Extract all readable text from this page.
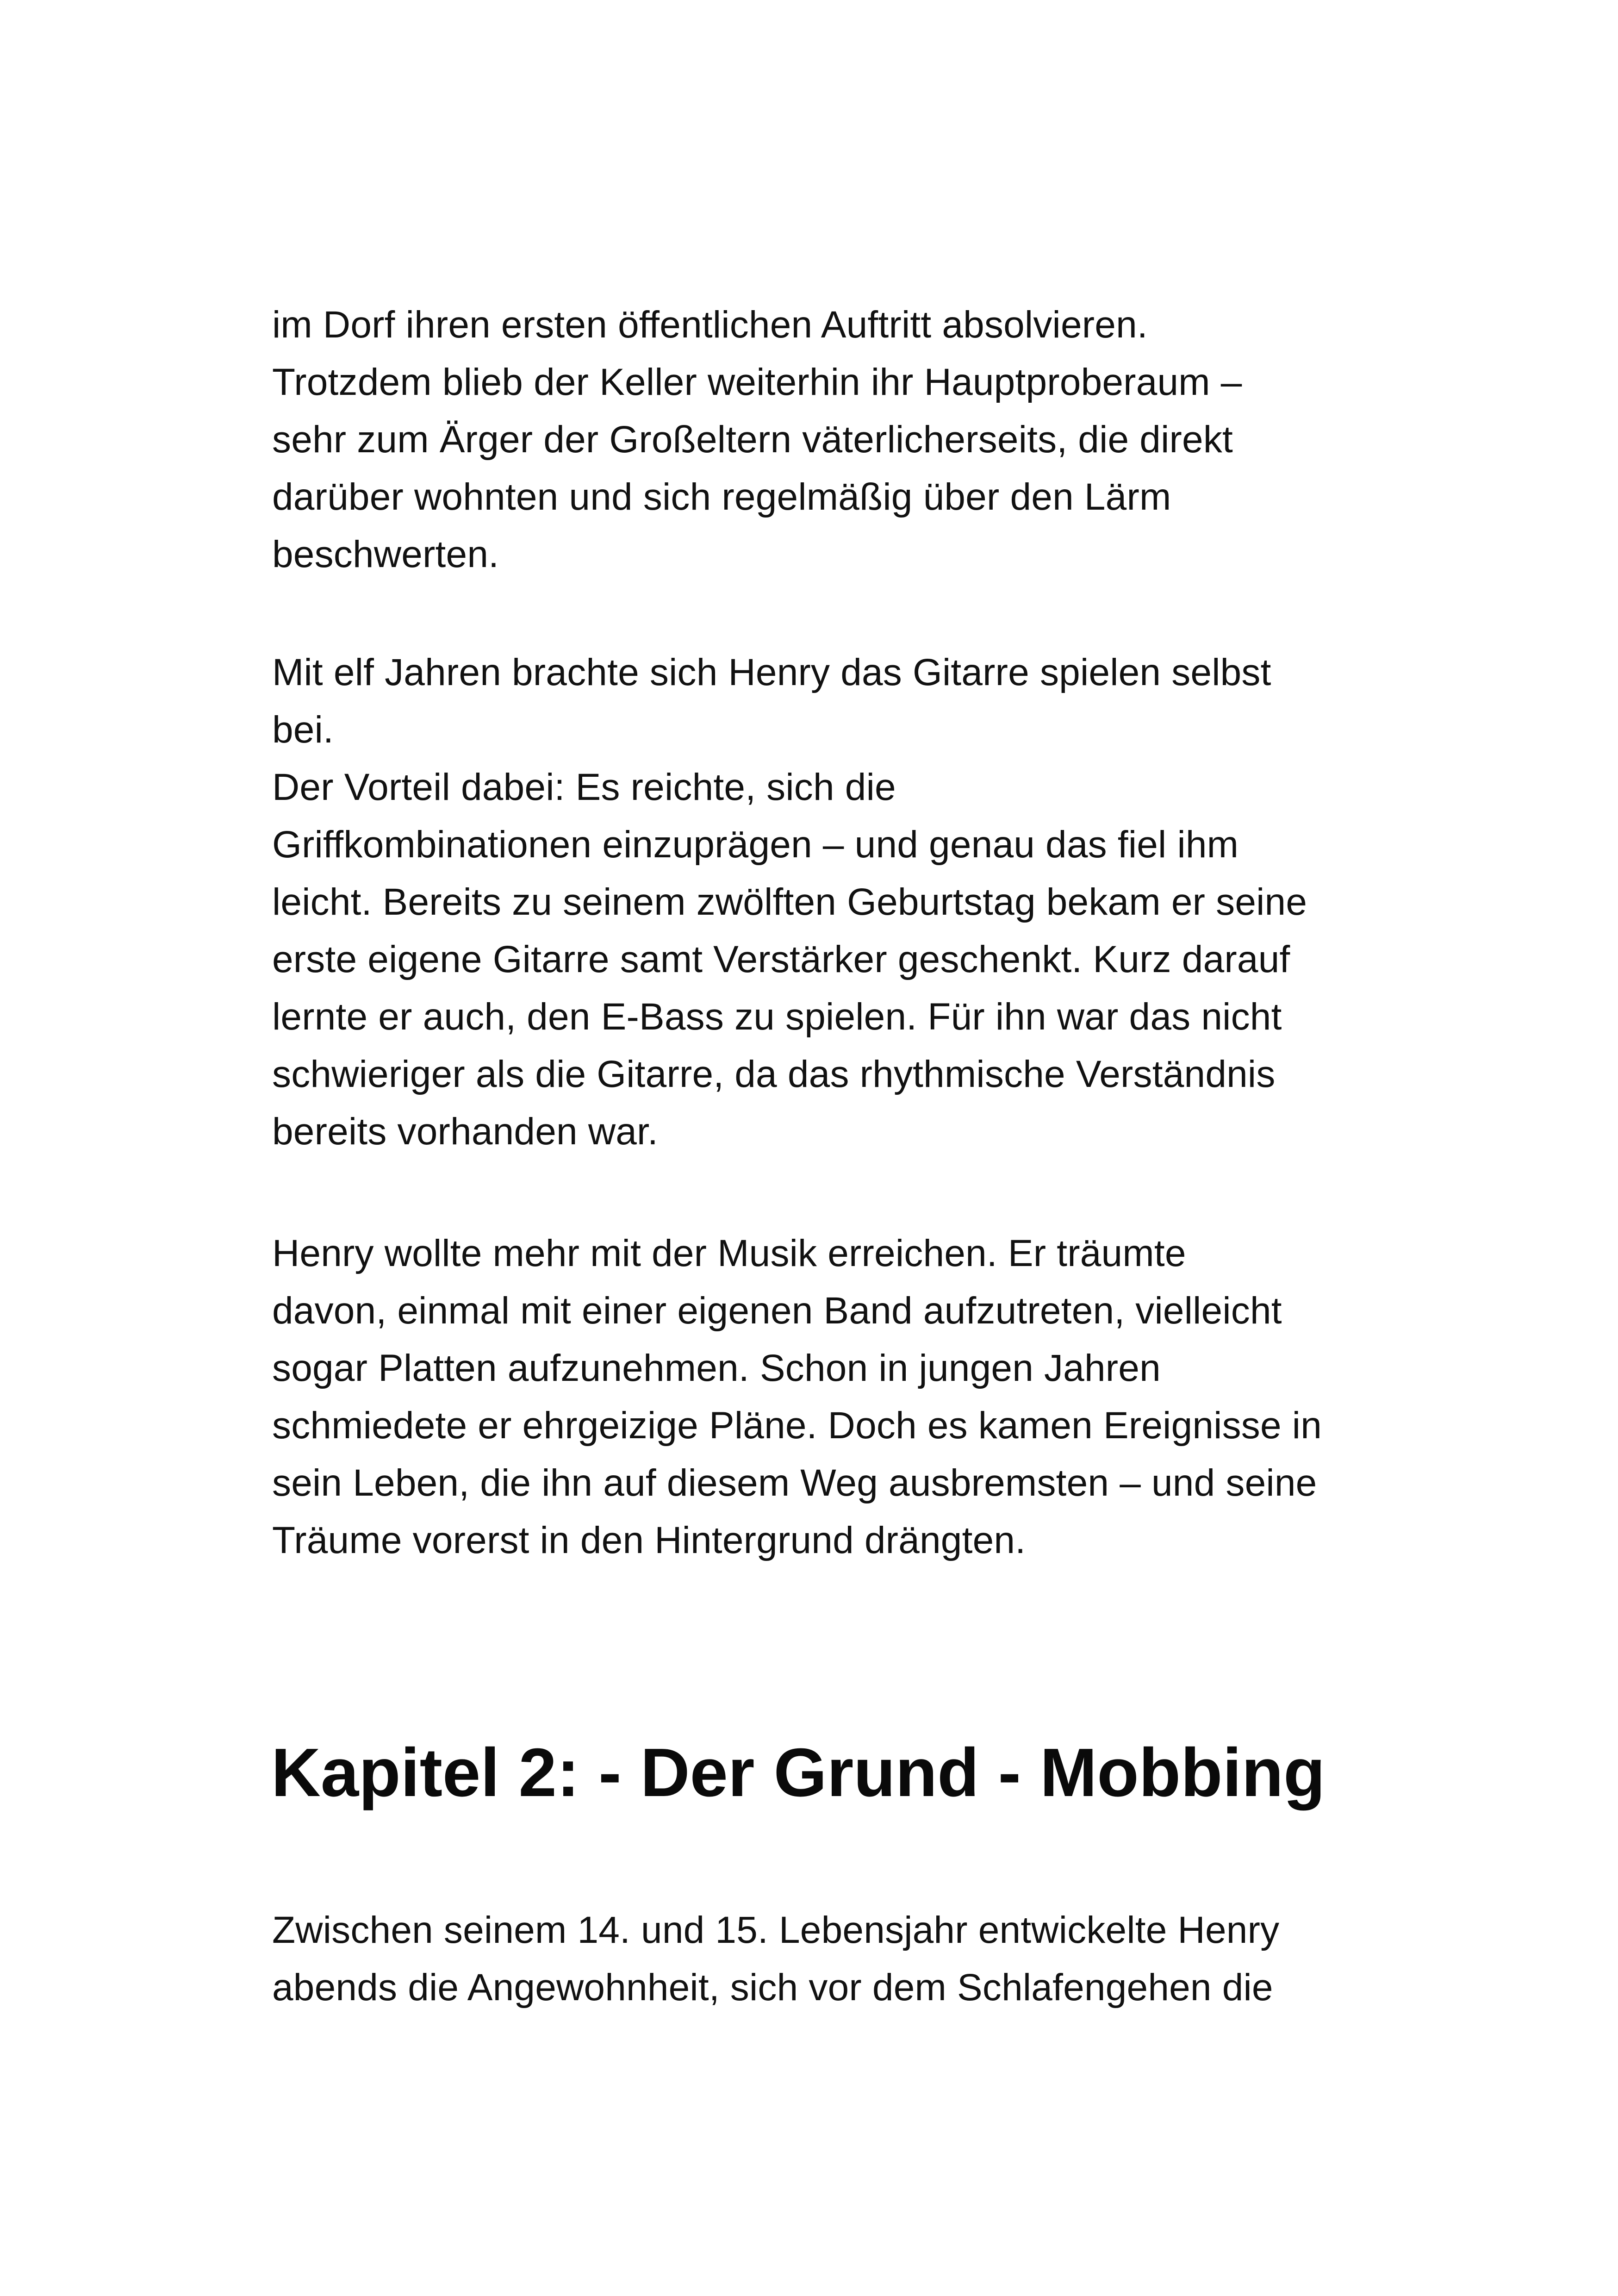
im Dorf ihren ersten öffentlichen Auftritt absolvieren.
Trotzdem blieb der Keller weiterhin ihr Hauptproberaum –
sehr zum Ärger der Großeltern väterlicherseits, die direkt
darüber wohnten und sich regelmäßig über den Lärm
beschwerten.

Mit elf Jahren brachte sich Henry das Gitarre spielen selbst
bei.
Der Vorteil dabei: Es reichte, sich die
Griffkombinationen einzuprägen – und genau das fiel ihm
leicht. Bereits zu seinem zwölften Geburtstag bekam er seine
erste eigene Gitarre samt Verstärker geschenkt. Kurz darauf
lernte er auch, den E-Bass zu spielen. Für ihn war das nicht
schwieriger als die Gitarre, da das rhythmische Verständnis
bereits vorhanden war.

Henry wollte mehr mit der Musik erreichen. Er träumte
davon, einmal mit einer eigenen Band aufzutreten, vielleicht
sogar Platten aufzunehmen. Schon in jungen Jahren
schmiedete er ehrgeizige Pläne. Doch es kamen Ereignisse in
sein Leben, die ihn auf diesem Weg ausbremsten – und seine
Träume vorerst in den Hintergrund drängten.

Kapitel 2: - Der Grund - Mobbing

Zwischen seinem 14. und 15. Lebensjahr entwickelte Henry
abends die Angewohnheit, sich vor dem Schlafengehen die
